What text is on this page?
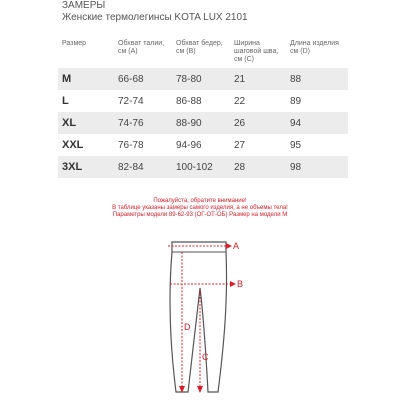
ЗАМЕРЫ
Женские термолегинсы KOTA LUX 2101
Размер	Обхват талии, см (A)	Обхват бедер, см (B)	Ширина шаговой шва, см (C)	Длина изделия см (D)
M	66-68	78-80	21	88
L	72-74	86-88	22	89
XL	74-76	88-90	26	94
XXL	76-78	94-96	27	95
3XL	82-84	100-102	28	98
Пожалуйста, обратите внимание!
В таблице указаны замеры самого изделия, а не объемы тела!
Параметры модели 89-62-93 (ОГ-ОТ-ОБ) Размер на модели M
A
B
C
D
